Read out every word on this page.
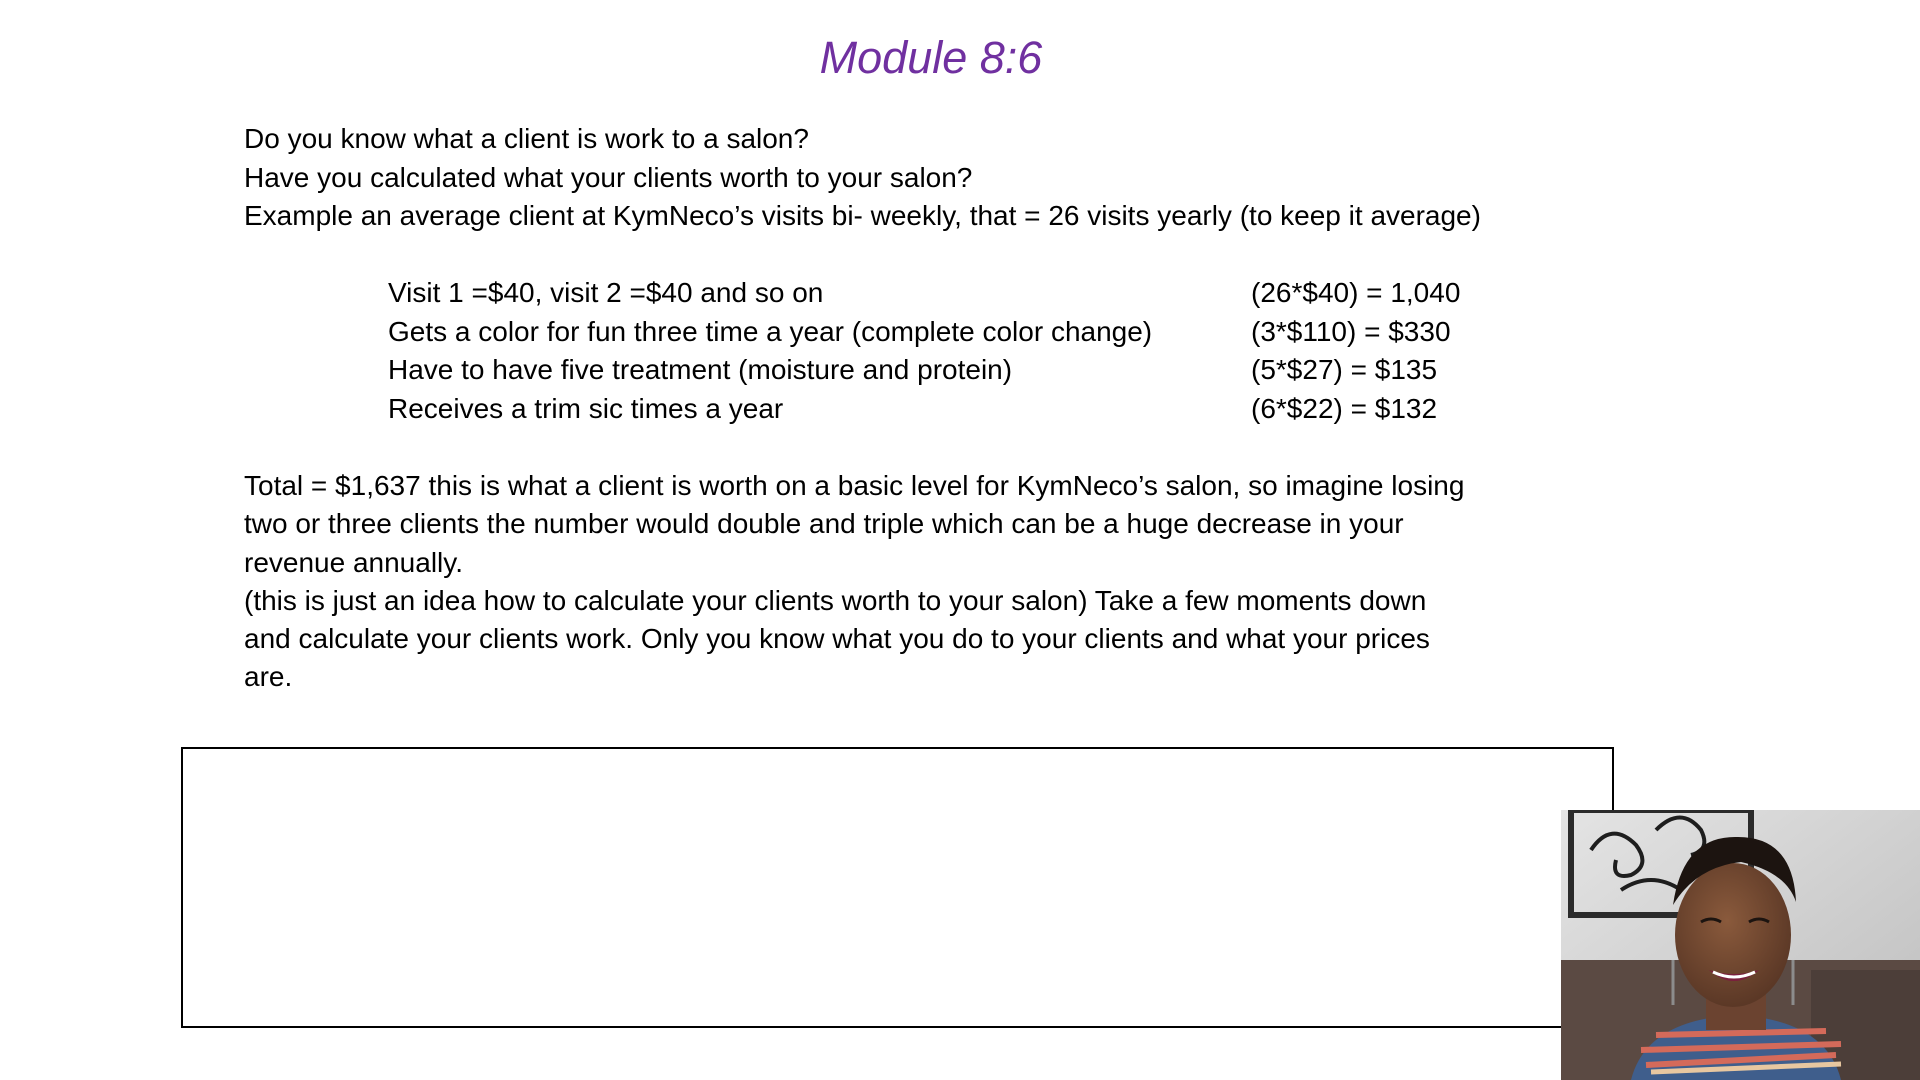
Module 8:6
Do you know what a client is work to a salon?
Have you calculated what your clients worth to your salon?
Example an average client at KymNeco’s visits bi- weekly, that = 26 visits yearly (to keep it average)
Visit 1 =$40, visit 2 =$40 and so on	(26*$40) = 1,040
Gets a color for fun three time a year (complete color change)	(3*$110) = $330
Have to have five treatment (moisture and protein)	(5*$27) = $135
Receives a trim sic times a year	(6*$22) = $132
Total = $1,637 this is what a client is worth on a basic level for KymNeco’s salon, so imagine losing
two or three clients the number would double and triple which can be a huge decrease in your
revenue annually.
(this is just an idea how to calculate your clients worth to your salon) Take a few moments down
and calculate your clients work. Only you know what you do to your clients and what your prices
are.
